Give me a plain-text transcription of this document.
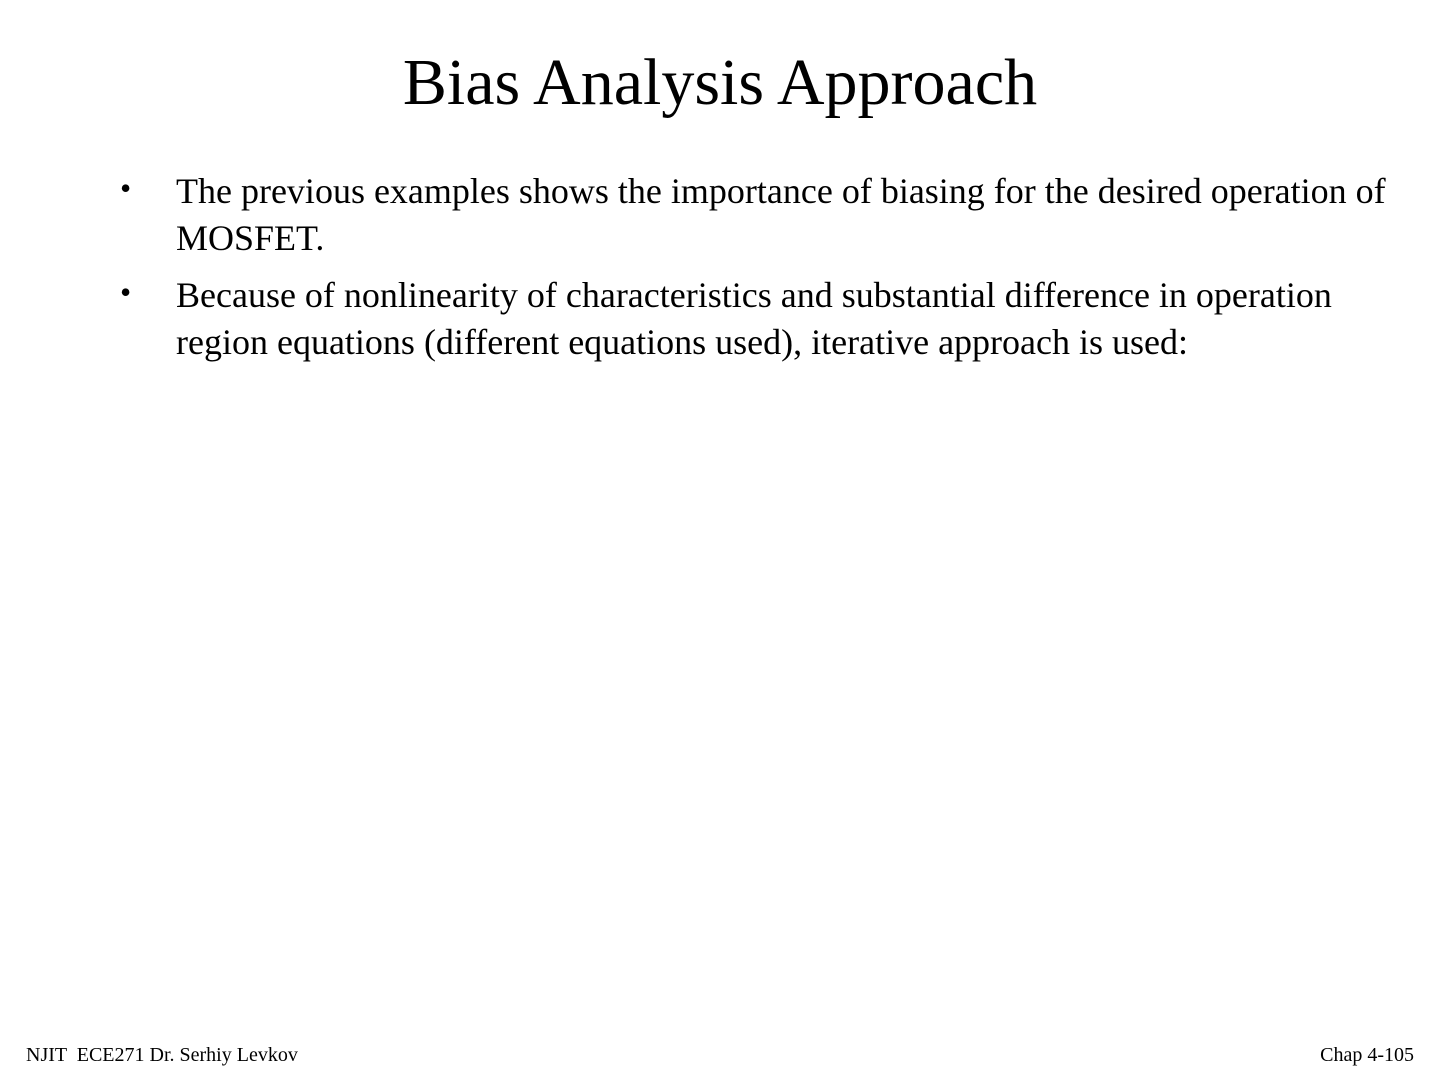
Bias Analysis Approach
• The previous examples shows the importance of biasing for the desired operation of MOSFET.
• Because of nonlinearity of characteristics and substantial difference in operation region equations (different equations used), iterative approach is used:
NJIT  ECE271 Dr. Serhiy Levkov	Chap 4-105
